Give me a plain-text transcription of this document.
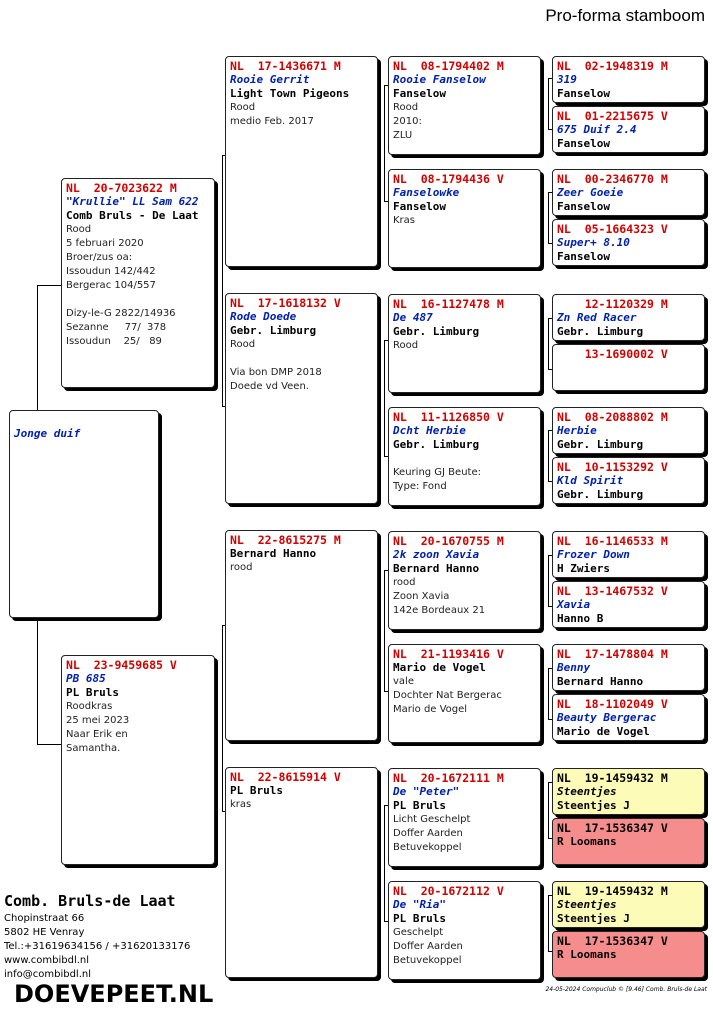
Pro-forma stamboom
Jonge duif
NL  20-7023622 M
"Krullie" LL Sam 622
Comb Bruls - De Laat
Rood
5 februari 2020
Broer/zus oa:
Issoudun 142/442
Bergerac 104/557
Dizy-le-G 2822/14936
Sezanne     77/  378
Issoudun    25/   89
NL  23-9459685 V
PB 685
PL Bruls
Roodkras
25 mei 2023
Naar Erik en
Samantha.
NL  17-1436671 M
Rooie Gerrit
Light Town Pigeons
Rood
medio Feb. 2017
NL  17-1618132 V
Rode Doede
Gebr. Limburg
Rood
Via bon DMP 2018
Doede vd Veen.
NL  22-8615275 M
Bernard Hanno
rood
NL  22-8615914 V
PL Bruls
kras
NL  08-1794402 M
Rooie Fanselow
Fanselow
Rood
2010:
ZLU
NL  08-1794436 V
Fanselowke
Fanselow
Kras
NL  16-1127478 M
De 487
Gebr. Limburg
Rood
NL  11-1126850 V
Dcht Herbie
Gebr. Limburg
Keuring GJ Beute:
Type: Fond
NL  20-1670755 M
2k zoon Xavia
Bernard Hanno
rood
Zoon Xavia
142e Bordeaux 21
NL  21-1193416 V
Mario de Vogel
vale
Dochter Nat Bergerac
Mario de Vogel
NL  20-1672111 M
De "Peter"
PL Bruls
Licht Geschelpt
Doffer Aarden
Betuvekoppel
NL  20-1672112 V
De "Ria"
PL Bruls
Geschelpt
Doffer Aarden
Betuvekoppel
NL  02-1948319 M
319
Fanselow
NL  01-2215675 V
675 Duif 2.4
Fanselow
NL  00-2346770 M
Zeer Goeie
Fanselow
NL  05-1664323 V
Super+ 8.10
Fanselow
12-1120329 M
Zn Red Racer
Gebr. Limburg
13-1690002 V
NL  08-2088802 M
Herbie
Gebr. Limburg
NL  10-1153292 V
Kld Spirit
Gebr. Limburg
NL  16-1146533 M
Frozer Down
H Zwiers
NL  13-1467532 V
Xavia
Hanno B
NL  17-1478804 M
Benny
Bernard Hanno
NL  18-1102049 V
Beauty Bergerac
Mario de Vogel
NL  19-1459432 M
Steentjes
Steentjes J
NL  17-1536347 V
R Loomans
NL  19-1459432 M
Steentjes
Steentjes J
NL  17-1536347 V
R Loomans
Comb. Bruls-de Laat
Chopinstraat 66
5802 HE Venray
Tel.:+31619634156 / +31620133176
www.combibdl.nl
info@combibdl.nl
DOEVEPEET.NL	24-05-2024 Compuclub © [9.46] Comb. Bruls-de Laat
